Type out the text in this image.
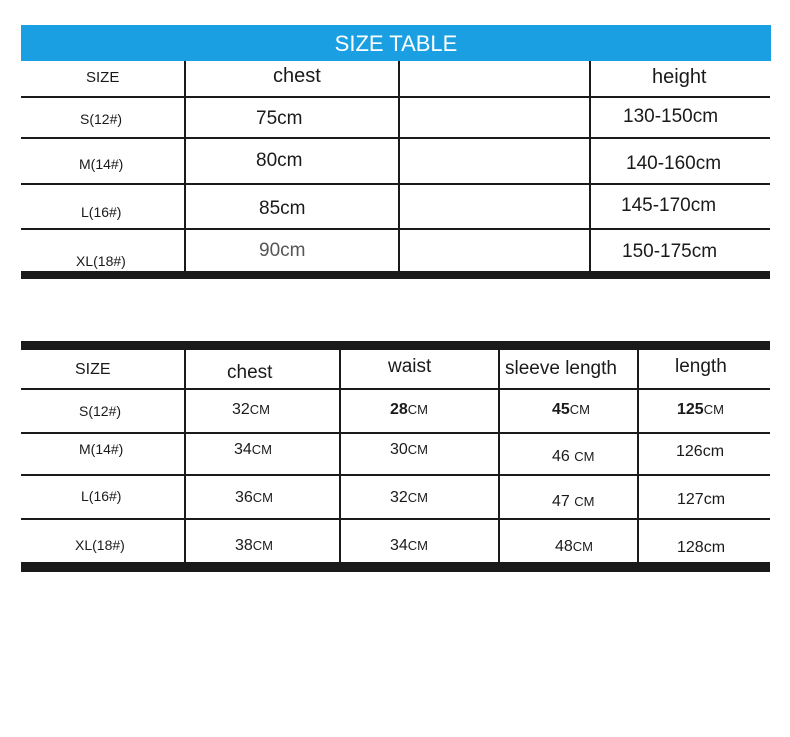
SIZE TABLE
SIZE	chest	height
S(12#)	75cm	130-150cm
M(14#)	80cm	140-160cm
L(16#)	85cm	145-170cm
XL(18#)	90cm	150-175cm
SIZE	chest	waist	sleeve length	length
S(12#)	32CM	28CM	45CM	125CM
M(14#)	34CM	30CM	46 CM	126cm
L(16#)	36CM	32CM	47 CM	127cm
XL(18#)	38CM	34CM	48CM	128cm
